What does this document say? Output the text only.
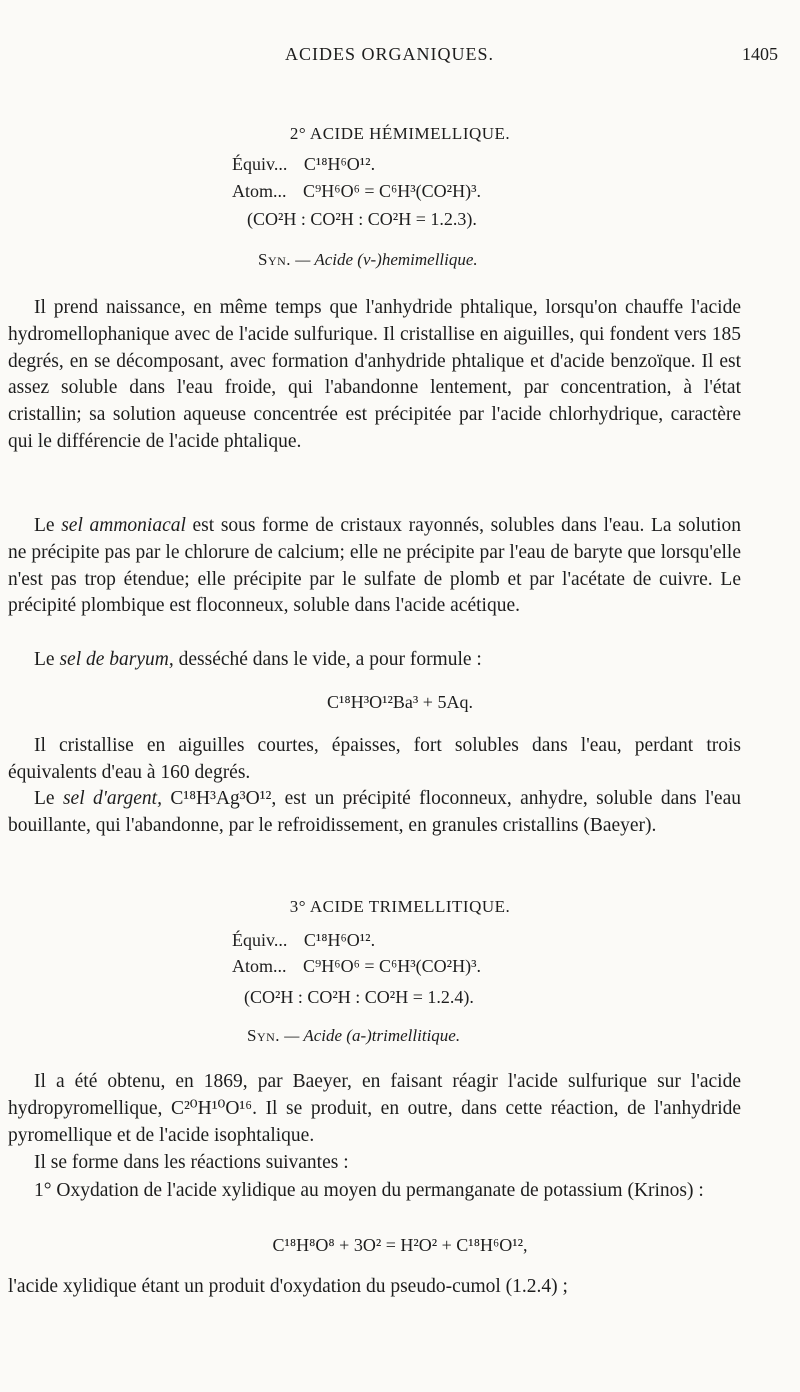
ACIDES ORGANIQUES.	1405
2° ACIDE HÉMIMELLIQUE.
Équiv... C¹⁸H⁶O¹².
Atom... C⁹H⁶O⁶ = C⁶H³(CO²H)³.
(CO²H : CO²H : CO²H = 1.2.3).
Syn. — Acide (v-)hemimellique.
Il prend naissance, en même temps que l'anhydride phtalique, lorsqu'on chauffe l'acide hydromellophanique avec de l'acide sulfurique. Il cristallise en aiguilles, qui fondent vers 185 degrés, en se décomposant, avec formation d'anhydride phtalique et d'acide benzoïque. Il est assez soluble dans l'eau froide, qui l'abandonne lentement, par concentration, à l'état cristallin; sa solution aqueuse concentrée est précipitée par l'acide chlorhydrique, caractère qui le différencie de l'acide phtalique.
Le sel ammoniacal est sous forme de cristaux rayonnés, solubles dans l'eau. La solution ne précipite pas par le chlorure de calcium; elle ne précipite par l'eau de baryte que lorsqu'elle n'est pas trop étendue; elle précipite par le sulfate de plomb et par l'acétate de cuivre. Le précipité plombique est floconneux, soluble dans l'acide acétique.
Le sel de baryum, desséché dans le vide, a pour formule :
C¹⁸H³O¹²Ba³ + 5Aq.
Il cristallise en aiguilles courtes, épaisses, fort solubles dans l'eau, perdant trois équivalents d'eau à 160 degrés.
Le sel d'argent, C¹⁸H³Ag³O¹², est un précipité floconneux, anhydre, soluble dans l'eau bouillante, qui l'abandonne, par le refroidissement, en granules cristallins (Baeyer).
3° ACIDE TRIMELLITIQUE.
Équiv... C¹⁸H⁶O¹².
Atom... C⁹H⁶O⁶ = C⁶H³(CO²H)³.
(CO²H : CO²H : CO²H = 1.2.4).
Syn. — Acide (a-)trimellitique.
Il a été obtenu, en 1869, par Baeyer, en faisant réagir l'acide sulfurique sur l'acide hydropyromellique, C²⁰H¹⁰O¹⁶. Il se produit, en outre, dans cette réaction, de l'anhydride pyromellique et de l'acide isophtalique.
Il se forme dans les réactions suivantes :
1° Oxydation de l'acide xylidique au moyen du permanganate de potassium (Krinos) :
C¹⁸H⁸O⁸ + 3O² = H²O² + C¹⁸H⁶O¹²,
l'acide xylidique étant un produit d'oxydation du pseudo-cumol (1.2.4) ;
